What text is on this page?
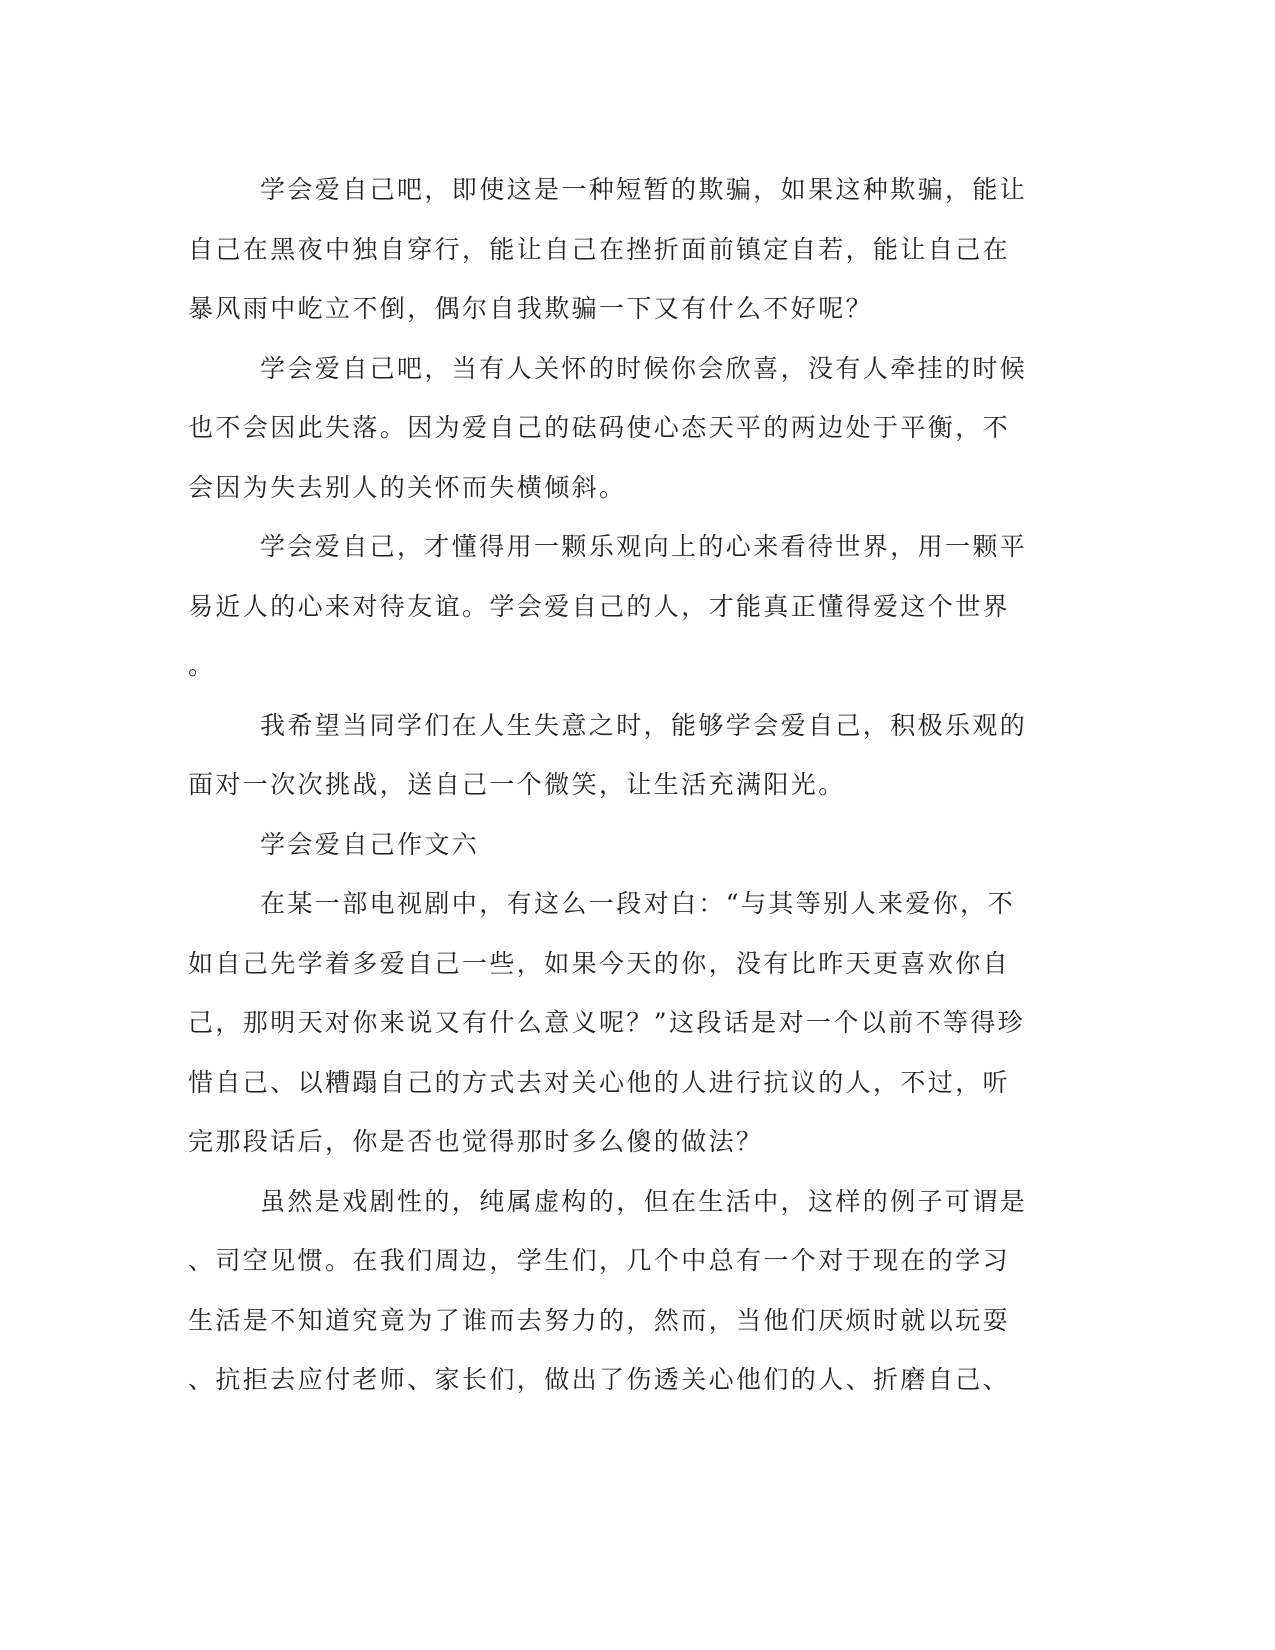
学会爱自己吧，即使这是一种短暂的欺骗，如果这种欺骗，能让
自己在黑夜中独自穿行，能让自己在挫折面前镇定自若，能让自己在
暴风雨中屹立不倒，偶尔自我欺骗一下又有什么不好呢？
学会爱自己吧，当有人关怀的时候你会欣喜，没有人牵挂的时候
也不会因此失落。因为爱自己的砝码使心态天平的两边处于平衡，不
会因为失去别人的关怀而失横倾斜。
学会爱自己，才懂得用一颗乐观向上的心来看待世界，用一颗平
易近人的心来对待友谊。学会爱自己的人，才能真正懂得爱这个世界
。
我希望当同学们在人生失意之时，能够学会爱自己，积极乐观的
面对一次次挑战，送自己一个微笑，让生活充满阳光。
学会爱自己作文六
在某一部电视剧中，有这么一段对白：“与其等别人来爱你，不
如自己先学着多爱自己一些，如果今天的你，没有比昨天更喜欢你自
己，那明天对你来说又有什么意义呢？”这段话是对一个以前不等得珍
惜自己、以糟蹋自己的方式去对关心他的人进行抗议的人，不过，听
完那段话后，你是否也觉得那时多么傻的做法？
虽然是戏剧性的，纯属虚构的，但在生活中，这样的例子可谓是
、司空见惯。在我们周边，学生们，几个中总有一个对于现在的学习
生活是不知道究竟为了谁而去努力的，然而，当他们厌烦时就以玩耍
、抗拒去应付老师、家长们，做出了伤透关心他们的人、折磨自己、
